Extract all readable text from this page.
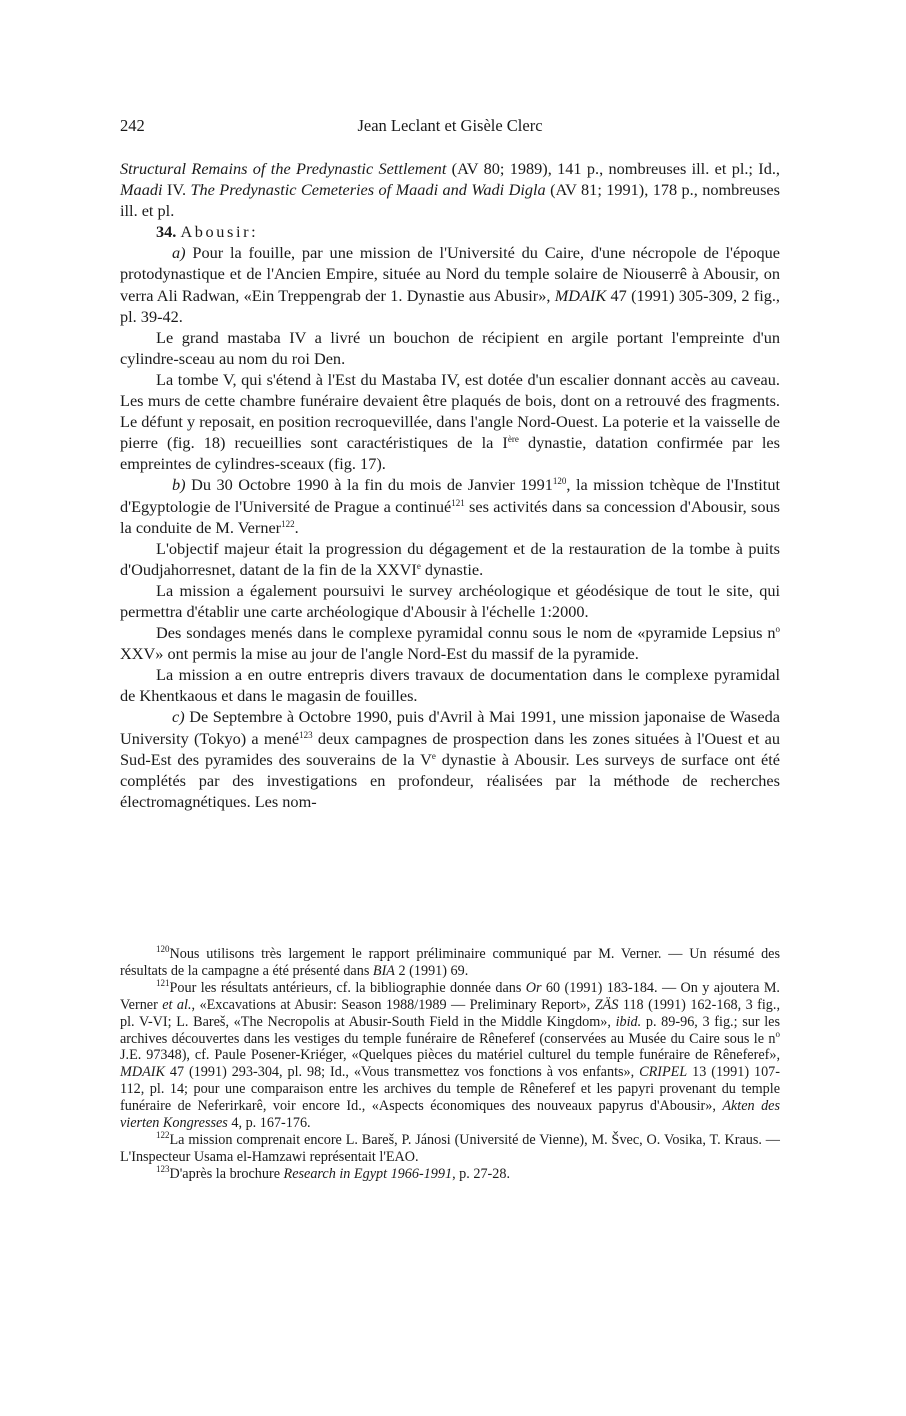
242	Jean Leclant et Gisèle Clerc

Structural Remains of the Predynastic Settlement (AV 80; 1989), 141 p., nombreuses ill. et pl.; Id., Maadi IV. The Predynastic Cemeteries of Maadi and Wadi Digla (AV 81; 1991), 178 p., nombreuses ill. et pl.

34. Abousir:

a) Pour la fouille, par une mission de l'Université du Caire, d'une nécropole de l'époque protodynastique et de l'Ancien Empire, située au Nord du temple solaire de Niouserrê à Abousir, on verra Ali Radwan, «Ein Treppengrab der 1. Dynastie aus Abusir», MDAIK 47 (1991) 305-309, 2 fig., pl. 39-42.

Le grand mastaba IV a livré un bouchon de récipient en argile portant l'empreinte d'un cylindre-sceau au nom du roi Den.

La tombe V, qui s'étend à l'Est du Mastaba IV, est dotée d'un escalier donnant accès au caveau. Les murs de cette chambre funéraire devaient être plaqués de bois, dont on a retrouvé des fragments. Le défunt y reposait, en position recroquevillée, dans l'angle Nord-Ouest. La poterie et la vaisselle de pierre (fig. 18) recueillies sont caractéristiques de la Ière dynastie, datation confirmée par les empreintes de cylindres-sceaux (fig. 17).

b) Du 30 Octobre 1990 à la fin du mois de Janvier 1991$^{120}$, la mission tchèque de l'Institut d'Egyptologie de l'Université de Prague a continué$^{121}$ ses activités dans sa concession d'Abousir, sous la conduite de M. Verner$^{122}$.

L'objectif majeur était la progression du dégagement et de la restauration de la tombe à puits d'Oudjahorresnet, datant de la fin de la XXVIe dynastie.

La mission a également poursuivi le survey archéologique et géodésique de tout le site, qui permettra d'établir une carte archéologique d'Abousir à l'échelle 1:2000.

Des sondages menés dans le complexe pyramidal connu sous le nom de «pyramide Lepsius $n^o$ XXV» ont permis la mise au jour de l'angle Nord-Est du massif de la pyramide.

La mission a en outre entrepris divers travaux de documentation dans le complexe pyramidal de Khentkaous et dans le magasin de fouilles.

c) De Septembre à Octobre 1990, puis d'Avril à Mai 1991, une mission japonaise de Waseda University (Tokyo) a mené$^{123}$ deux campagnes de prospection dans les zones situées à l'Ouest et au Sud-Est des pyramides des souverains de la Ve dynastie à Abousir. Les surveys de surface ont été complétés par des investigations en profondeur, réalisées par la méthode de recherches électromagnétiques. Les nom-

$^{120}$Nous utilisons très largement le rapport préliminaire communiqué par M. Verner. — Un résumé des résultats de la campagne a été présenté dans BIA 2 (1991) 69.

$^{121}$Pour les résultats antérieurs, cf. la bibliographie donnée dans Or 60 (1991) 183-184. — On y ajoutera M. Verner et al., «Excavations at Abusir: Season 1988/1989 — Preliminary Report», ZÄS 118 (1991) 162-168, 3 fig., pl. V-VI; L. Bareš, «The Necropolis at Abusir-South Field in the Middle Kingdom», ibid. p. 89-96, 3 fig.; sur les archives découvertes dans les vestiges du temple funéraire de Rêneferef (conservées au Musée du Caire sous le $n^o$ J.E. 97348), cf. Paule Posener-Kriéger, «Quelques pièces du matériel culturel du temple funéraire de Rêneferef», MDAIK 47 (1991) 293-304, pl. 98; Id., «Vous transmettez vos fonctions à vos enfants», CRIPEL 13 (1991) 107-112, pl. 14; pour une comparaison entre les archives du temple de Rêneferef et les papyri provenant du temple funéraire de Neferirkarê, voir encore Id., «Aspects économiques des nouveaux papyrus d'Abousir», Akten des vierten Kongresses 4, p. 167-176.

$^{122}$La mission comprenait encore L. Bareš, P. Jánosi (Université de Vienne), M. Švec, O. Vosika, T. Kraus. — L'Inspecteur Usama el-Hamzawi représentait l'EAO.

$^{123}$D'après la brochure Research in Egypt 1966-1991, p. 27-28.
